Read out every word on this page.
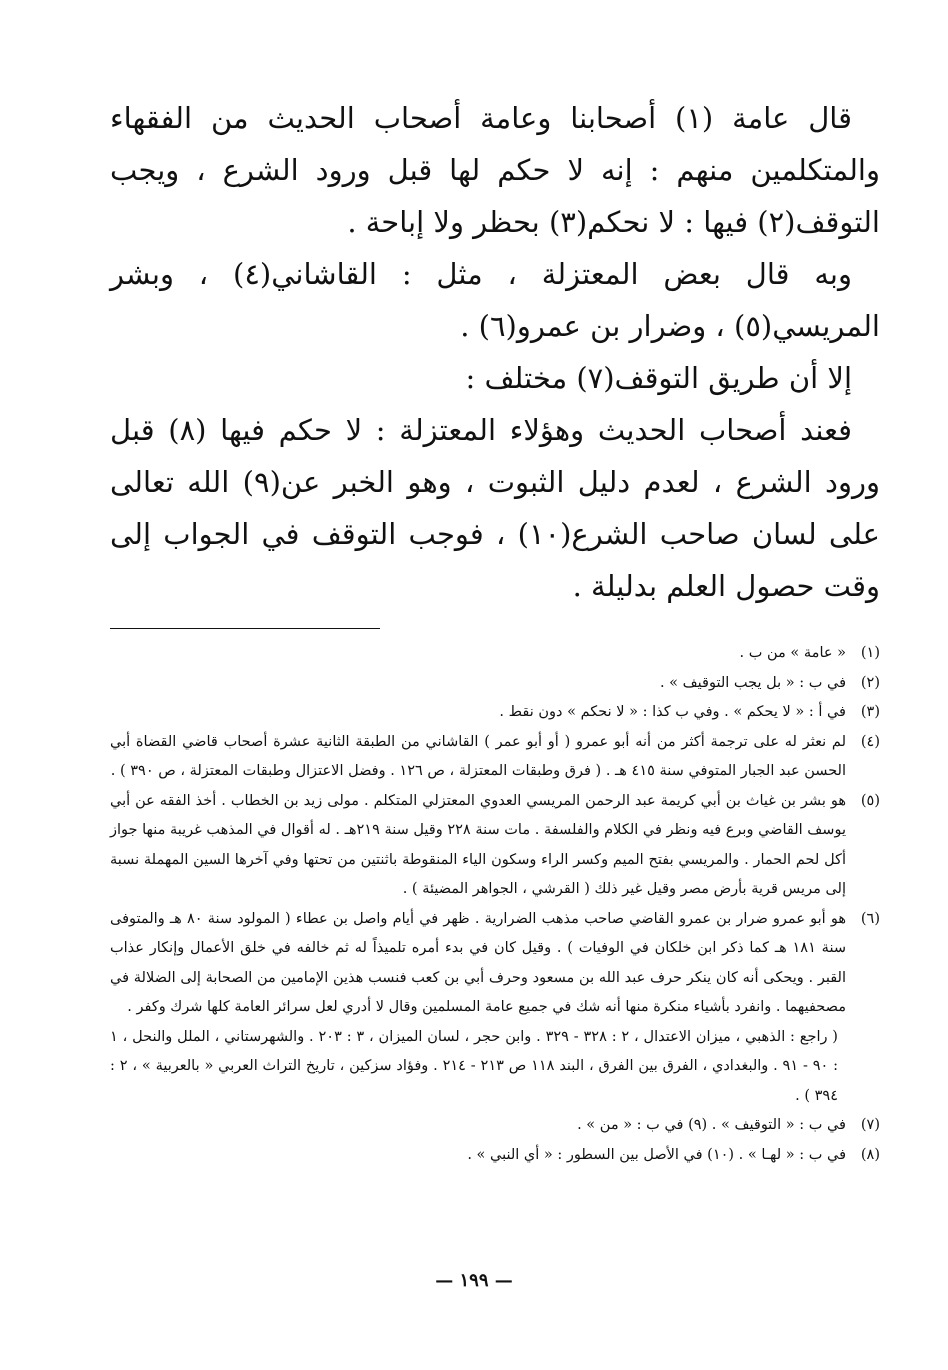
قال عامة (١) أصحابنا وعامة أصحاب الحديث من الفقهاء والمتكلمين منهم : إنه لا حكم لها قبل ورود الشرع ، ويجب التوقف(٢) فيها : لا نحكم(٣) بحظر ولا إباحة .

وبه قال بعض المعتزلة ، مثل : القاشاني(٤) ، وبشر المريسي(٥) ، وضرار بن عمرو(٦) .

إلا أن طريق التوقف(٧) مختلف :

فعند أصحاب الحديث وهؤلاء المعتزلة : لا حكم فيها (٨) قبل ورود الشرع ، لعدم دليل الثبوت ، وهو الخبر عن(٩) الله تعالى على لسان صاحب الشرع(١٠) ، فوجب التوقف في الجواب إلى وقت حصول العلم بدليلة .

(١)

« عامة » من ب .

(٢)

في ب : « بل يجب التوقيف » .

(٣)

في أ : « لا يحكم » . وفي ب كذا : « لا نحكم » دون نقط .

(٤)

لم نعثر له على ترجمة أكثر من أنه أبو عمرو ( أو أبو عمر ) القاشاني من الطبقة الثانية عشرة أصحاب قاضي القضاة أبي الحسن عبد الجبار المتوفي سنة ٤١٥ هـ . ( فرق وطبقات المعتزلة ، ص ١٢٦ . وفضل الاعتزال وطبقات المعتزلة ، ص ٣٩٠ ) .

(٥)

هو بشر بن غياث بن أبي كريمة عبد الرحمن المريسي العدوي المعتزلي المتكلم . مولى زيد بن الخطاب . أخذ الفقه عن أبي يوسف القاضي وبرع فيه ونظر في الكلام والفلسفة . مات سنة ٢٢٨ وقيل سنة ٢١٩هـ . له أقوال في المذهب غريبة منها جواز أكل لحم الحمار . والمريسي بفتح الميم وكسر الراء وسكون الياء المنقوطة باثنتين من تحتها وفي آخرها السين المهملة نسبة إلى مريس قرية بأرض مصر وقيل غير ذلك ( القرشي ، الجواهر المضيئة ) .

(٦)

هو أبو عمرو ضرار بن عمرو القاضي صاحب مذهب الضرارية . ظهر في أيام واصل بن عطاء ( المولود سنة ٨٠ هـ والمتوفى سنة ١٨١ هـ كما ذكر ابن خلكان في الوفيات ) . وقيل كان في بدء أمره تلميذاً له ثم خالفه في خلق الأعمال وإنكار عذاب القبر . ويحكى أنه كان ينكر حرف عبد الله بن مسعود وحرف أبي بن كعب فنسب هذين الإمامين من الصحابة إلى الضلالة في مصحفيهما . وانفرد بأشياء منكرة منها أنه شك في جميع عامة المسلمين وقال لا أدري لعل سرائر العامة كلها شرك وكفر .

( راجع : الذهبي ، ميزان الاعتدال ، ٢ : ٣٢٨ - ٣٢٩ . وابن حجر ، لسان الميزان ، ٣ : ٢٠٣ . والشهرستاني ، الملل والنحل ، ١ : ٩٠ - ٩١ . والبغدادي ، الفرق بين الفرق ، البند ١١٨ ص ٢١٣ - ٢١٤ . وفؤاد سزكين ، تاريخ التراث العربي « بالعربية » ، ٢ : ٣٩٤ ) .

(٧)

في ب : « التوقيف » . (٩) في ب : « من » .

(٨)

في ب : « لهـا » . (١٠) في الأصل بين السطور : « أي النبي » .

— ١٩٩ —
